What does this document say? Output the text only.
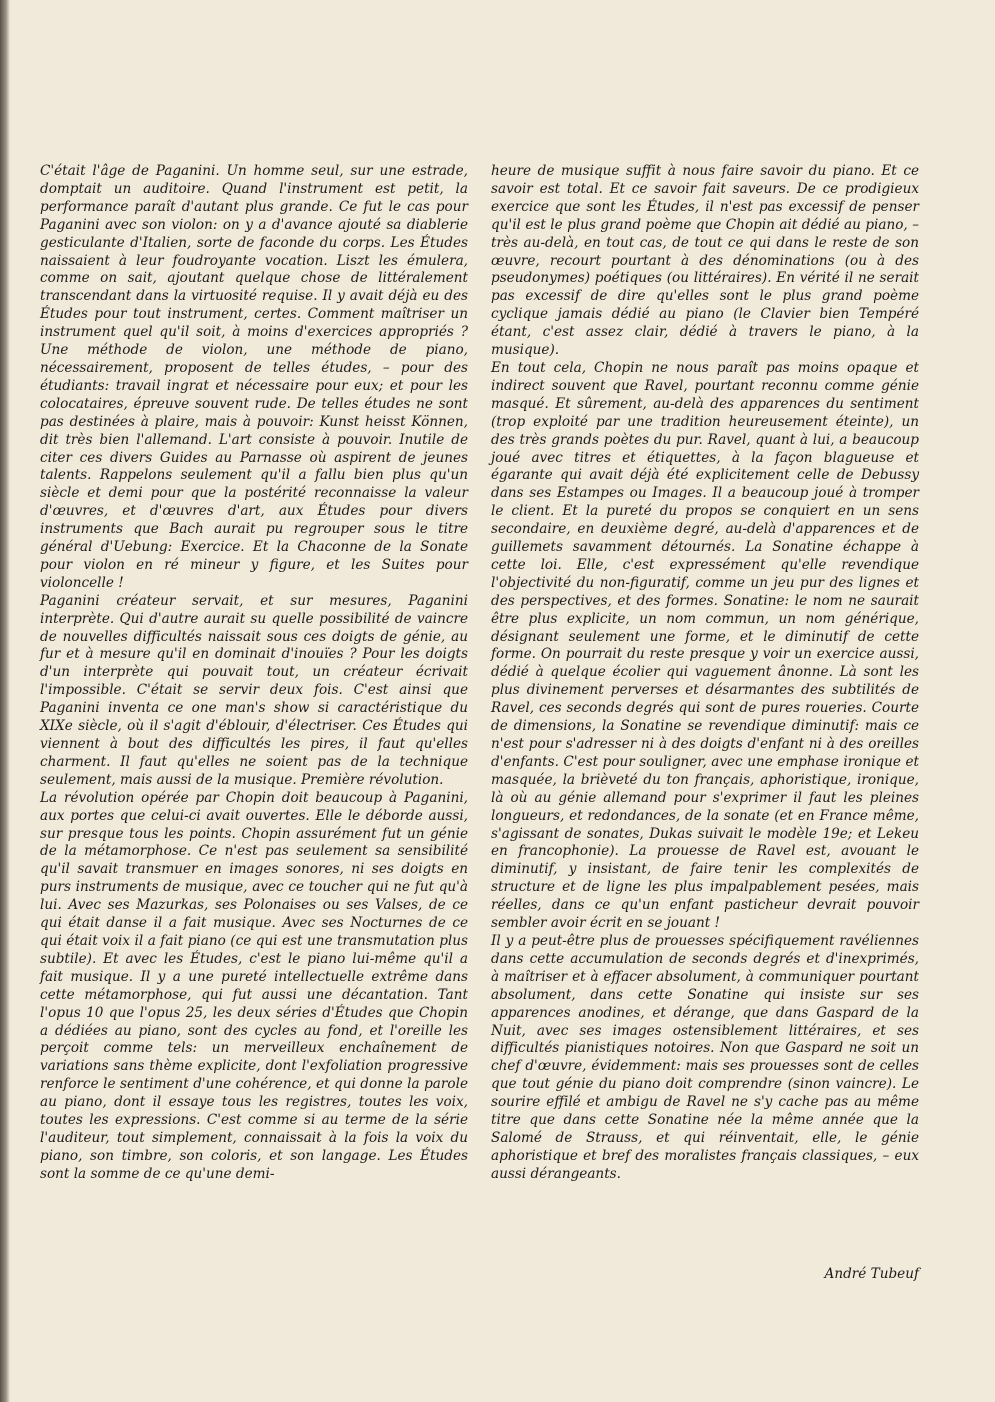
C'était l'âge de Paganini. Un homme seul, sur une estrade, domptait un auditoire. Quand l'instrument est petit, la performance paraît d'autant plus grande. Ce fut le cas pour Paganini avec son violon: on y a d'avance ajouté sa diablerie gesticulante d'Italien, sorte de faconde du corps. Les Études naissaient à leur foudroyante vocation. Liszt les émulera, comme on sait, ajoutant quelque chose de littéralement transcendant dans la virtuosité requise. Il y avait déjà eu des Études pour tout instrument, certes. Comment maîtriser un instrument quel qu'il soit, à moins d'exercices appropriés ? Une méthode de violon, une méthode de piano, nécessairement, proposent de telles études, – pour des étudiants: travail ingrat et nécessaire pour eux; et pour les colocataires, épreuve souvent rude. De telles études ne sont pas destinées à plaire, mais à pouvoir: Kunst heisst Können, dit très bien l'allemand. L'art consiste à pouvoir. Inutile de citer ces divers Guides au Parnasse où aspirent de jeunes talents. Rappelons seulement qu'il a fallu bien plus qu'un siècle et demi pour que la postérité reconnaisse la valeur d'œuvres, et d'œuvres d'art, aux Études pour divers instruments que Bach aurait pu regrouper sous le titre général d'Uebung: Exercice. Et la Chaconne de la Sonate pour violon en ré mineur y figure, et les Suites pour violoncelle !

Paganini créateur servait, et sur mesures, Paganini interprète. Qui d'autre aurait su quelle possibilité de vaincre de nouvelles difficultés naissait sous ces doigts de génie, au fur et à mesure qu'il en dominait d'inouïes ? Pour les doigts d'un interprète qui pouvait tout, un créateur écrivait l'impossible. C'était se servir deux fois. C'est ainsi que Paganini inventa ce one man's show si caractéristique du XIXe siècle, où il s'agit d'éblouir, d'électriser. Ces Études qui viennent à bout des difficultés les pires, il faut qu'elles charment. Il faut qu'elles ne soient pas de la technique seulement, mais aussi de la musique. Première révolution.

La révolution opérée par Chopin doit beaucoup à Paganini, aux portes que celui-ci avait ouvertes. Elle le déborde aussi, sur presque tous les points. Chopin assurément fut un génie de la métamorphose. Ce n'est pas seulement sa sensibilité qu'il savait transmuer en images sonores, ni ses doigts en purs instruments de musique, avec ce toucher qui ne fut qu'à lui. Avec ses Mazurkas, ses Polonaises ou ses Valses, de ce qui était danse il a fait musique. Avec ses Nocturnes de ce qui était voix il a fait piano (ce qui est une transmutation plus subtile). Et avec les Études, c'est le piano lui-même qu'il a fait musique. Il y a une pureté intellectuelle extrême dans cette métamorphose, qui fut aussi une décantation. Tant l'opus 10 que l'opus 25, les deux séries d'Études que Chopin a dédiées au piano, sont des cycles au fond, et l'oreille les perçoit comme tels: un merveilleux enchaînement de variations sans thème explicite, dont l'exfoliation progressive renforce le sentiment d'une cohérence, et qui donne la parole au piano, dont il essaye tous les registres, toutes les voix, toutes les expressions. C'est comme si au terme de la série l'auditeur, tout simplement, connaissait à la fois la voix du piano, son timbre, son coloris, et son langage. Les Études sont la somme de ce qu'une demi-

heure de musique suffit à nous faire savoir du piano. Et ce savoir est total. Et ce savoir fait saveurs. De ce prodigieux exercice que sont les Études, il n'est pas excessif de penser qu'il est le plus grand poème que Chopin ait dédié au piano, – très au-delà, en tout cas, de tout ce qui dans le reste de son œuvre, recourt pourtant à des dénominations (ou à des pseudonymes) poétiques (ou littéraires). En vérité il ne serait pas excessif de dire qu'elles sont le plus grand poème cyclique jamais dédié au piano (le Clavier bien Tempéré étant, c'est assez clair, dédié à travers le piano, à la musique).

En tout cela, Chopin ne nous paraît pas moins opaque et indirect souvent que Ravel, pourtant reconnu comme génie masqué. Et sûrement, au-delà des apparences du sentiment (trop exploité par une tradition heureusement éteinte), un des très grands poètes du pur. Ravel, quant à lui, a beaucoup joué avec titres et étiquettes, à la façon blagueuse et égarante qui avait déjà été explicitement celle de Debussy dans ses Estampes ou Images. Il a beaucoup joué à tromper le client. Et la pureté du propos se conquiert en un sens secondaire, en deuxième degré, au-delà d'apparences et de guillemets savamment détournés. La Sonatine échappe à cette loi. Elle, c'est expressément qu'elle revendique l'objectivité du non-figuratif, comme un jeu pur des lignes et des perspectives, et des formes. Sonatine: le nom ne saurait être plus explicite, un nom commun, un nom générique, désignant seulement une forme, et le diminutif de cette forme. On pourrait du reste presque y voir un exercice aussi, dédié à quelque écolier qui vaguement ânonne. Là sont les plus divinement perverses et désarmantes des subtilités de Ravel, ces seconds degrés qui sont de pures roueries. Courte de dimensions, la Sonatine se revendique diminutif: mais ce n'est pour s'adresser ni à des doigts d'enfant ni à des oreilles d'enfants. C'est pour souligner, avec une emphase ironique et masquée, la brièveté du ton français, aphoristique, ironique, là où au génie allemand pour s'exprimer il faut les pleines longueurs, et redondances, de la sonate (et en France même, s'agissant de sonates, Dukas suivait le modèle 19e; et Lekeu en francophonie). La prouesse de Ravel est, avouant le diminutif, y insistant, de faire tenir les complexités de structure et de ligne les plus impalpablement pesées, mais réelles, dans ce qu'un enfant pasticheur devrait pouvoir sembler avoir écrit en se jouant !

Il y a peut-être plus de prouesses spécifiquement ravéliennes dans cette accumulation de seconds degrés et d'inexprimés, à maîtriser et à effacer absolument, à communiquer pourtant absolument, dans cette Sonatine qui insiste sur ses apparences anodines, et dérange, que dans Gaspard de la Nuit, avec ses images ostensiblement littéraires, et ses difficultés pianistiques notoires. Non que Gaspard ne soit un chef d'œuvre, évidemment: mais ses prouesses sont de celles que tout génie du piano doit comprendre (sinon vaincre). Le sourire effilé et ambigu de Ravel ne s'y cache pas au même titre que dans cette Sonatine née la même année que la Salomé de Strauss, et qui réinventait, elle, le génie aphoristique et bref des moralistes français classiques, – eux aussi dérangeants.

André Tubeuf
